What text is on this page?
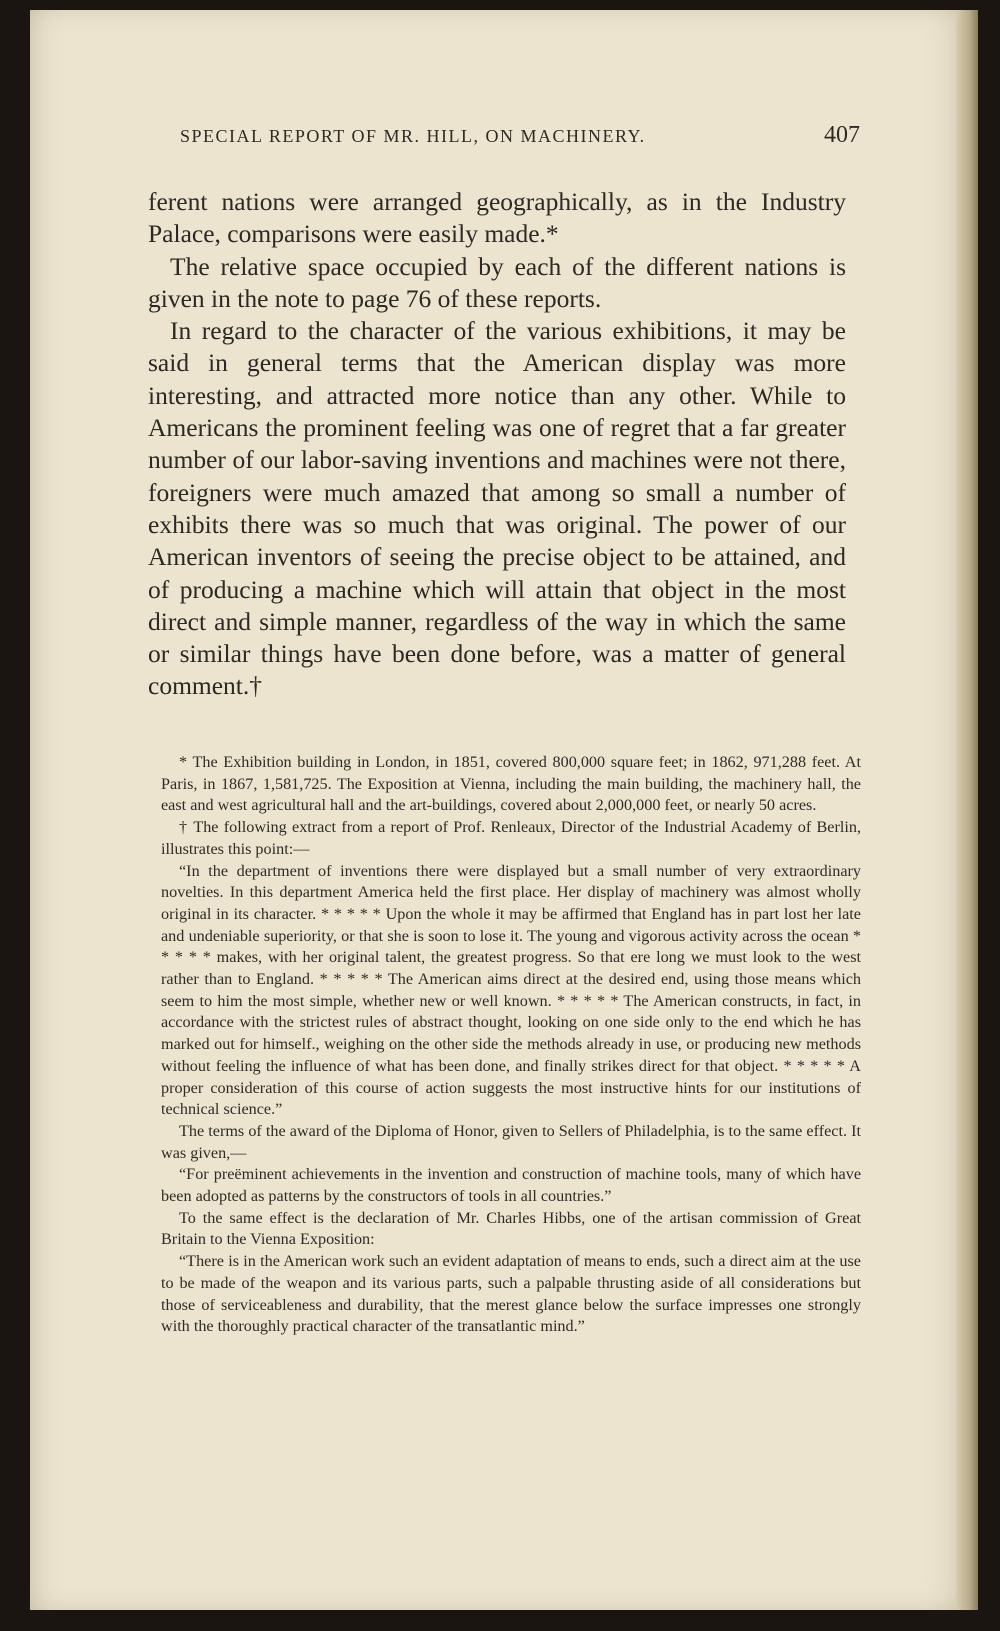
SPECIAL REPORT OF MR. HILL, ON MACHINERY.	407

ferent nations were arranged geographically, as in the Industry Palace, comparisons were easily made.*

The relative space occupied by each of the different nations is given in the note to page 76 of these reports.

In regard to the character of the various exhibitions, it may be said in general terms that the American display was more interesting, and attracted more notice than any other. While to Americans the prominent feeling was one of regret that a far greater number of our labor-saving inventions and machines were not there, foreigners were much amazed that among so small a number of exhibits there was so much that was original. The power of our American inventors of seeing the precise object to be attained, and of producing a machine which will attain that object in the most direct and simple manner, regardless of the way in which the same or similar things have been done before, was a matter of general comment.†

* The Exhibition building in London, in 1851, covered 800,000 square feet; in 1862, 971,288 feet. At Paris, in 1867, 1,581,725. The Exposition at Vienna, including the main building, the machinery hall, the east and west agricultural hall and the art-buildings, covered about 2,000,000 feet, or nearly 50 acres.

† The following extract from a report of Prof. Renleaux, Director of the Industrial Academy of Berlin, illustrates this point:—

“In the department of inventions there were displayed but a small number of very extraordinary novelties. In this department America held the first place. Her display of machinery was almost wholly original in its character. * * * * * Upon the whole it may be affirmed that England has in part lost her late and undeniable superiority, or that she is soon to lose it. The young and vigorous activity across the ocean * * * * * makes, with her original talent, the greatest progress. So that ere long we must look to the west rather than to England. * * * * * The American aims direct at the desired end, using those means which seem to him the most simple, whether new or well known. * * * * * The American constructs, in fact, in accordance with the strictest rules of abstract thought, looking on one side only to the end which he has marked out for himself., weighing on the other side the methods already in use, or producing new methods without feeling the influence of what has been done, and finally strikes direct for that object. * * * * * A proper consideration of this course of action suggests the most instructive hints for our institutions of technical science.”

The terms of the award of the Diploma of Honor, given to Sellers of Philadelphia, is to the same effect. It was given,—

“For preëminent achievements in the invention and construction of machine tools, many of which have been adopted as patterns by the constructors of tools in all countries.”

To the same effect is the declaration of Mr. Charles Hibbs, one of the artisan commission of Great Britain to the Vienna Exposition:

“There is in the American work such an evident adaptation of means to ends, such a direct aim at the use to be made of the weapon and its various parts, such a palpable thrusting aside of all considerations but those of serviceableness and durability, that the merest glance below the surface impresses one strongly with the thoroughly practical character of the transatlantic mind.”
